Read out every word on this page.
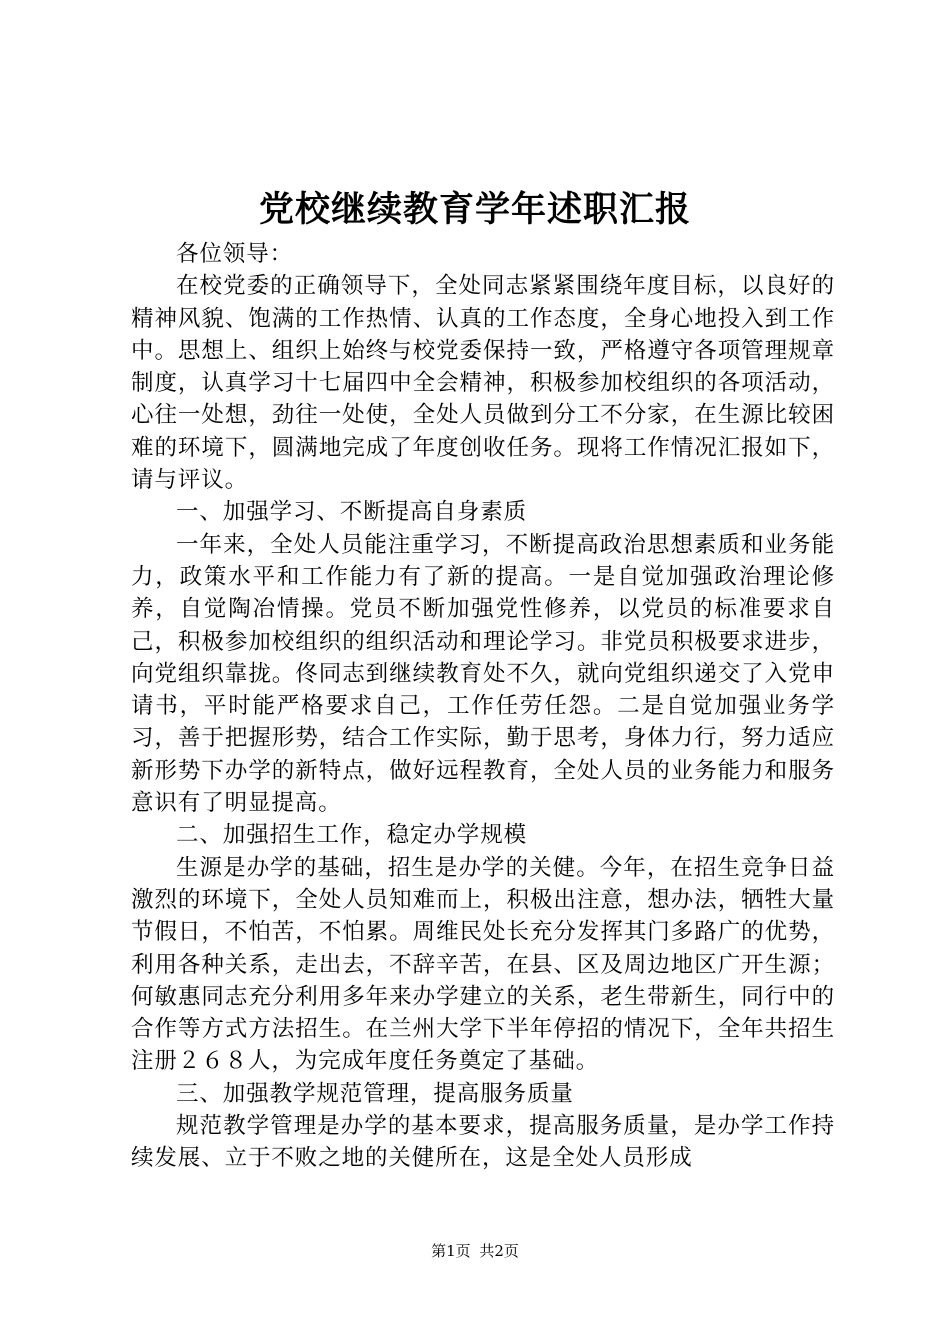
党校继续教育学年述职汇报

各位领导：

在校党委的正确领导下，全处同志紧紧围绕年度目标，以良好的精神风貌、饱满的工作热情、认真的工作态度，全身心地投入到工作中。思想上、组织上始终与校党委保持一致，严格遵守各项管理规章制度，认真学习十七届四中全会精神，积极参加校组织的各项活动，心往一处想，劲往一处使，全处人员做到分工不分家，在生源比较困难的环境下，圆满地完成了年度创收任务。现将工作情况汇报如下，请与评议。

一、加强学习、不断提高自身素质

一年来，全处人员能注重学习，不断提高政治思想素质和业务能力，政策水平和工作能力有了新的提高。一是自觉加强政治理论修养，自觉陶冶情操。党员不断加强党性修养，以党员的标准要求自己，积极参加校组织的组织活动和理论学习。非党员积极要求进步，向党组织靠拢。佟同志到继续教育处不久，就向党组织递交了入党申请书，平时能严格要求自己，工作任劳任怨。二是自觉加强业务学习，善于把握形势，结合工作实际，勤于思考，身体力行，努力适应新形势下办学的新特点，做好远程教育，全处人员的业务能力和服务意识有了明显提高。

二、加强招生工作，稳定办学规模

生源是办学的基础，招生是办学的关健。今年，在招生竞争日益激烈的环境下，全处人员知难而上，积极出注意，想办法，牺牲大量节假日，不怕苦，不怕累。周维民处长充分发挥其门多路广的优势，利用各种关系，走出去，不辞辛苦，在县、区及周边地区广开生源；何敏惠同志充分利用多年来办学建立的关系，老生带新生，同行中的合作等方式方法招生。在兰州大学下半年停招的情况下，全年共招生注册２６８人，为完成年度任务奠定了基础。

三、加强教学规范管理，提高服务质量

规范教学管理是办学的基本要求，提高服务质量，是办学工作持续发展、立于不败之地的关健所在，这是全处人员形成

第1页 共2页
